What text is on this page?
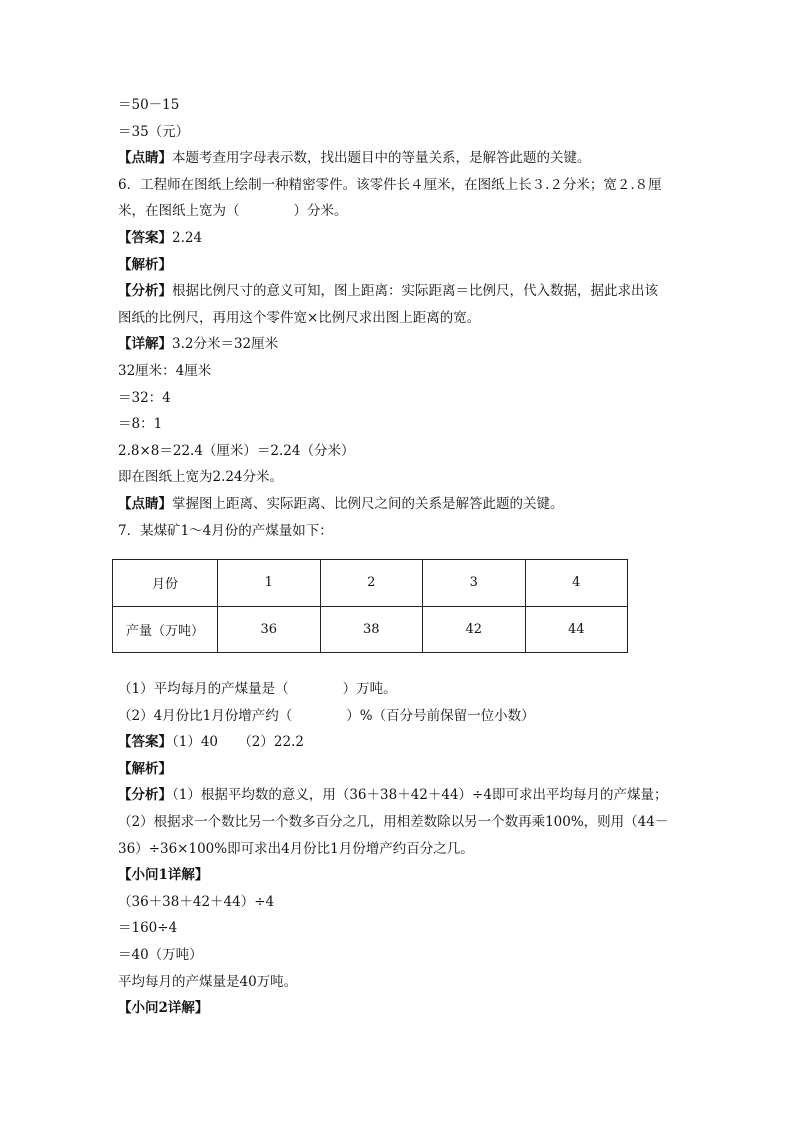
＝50－15
＝35（元）
【点睛】本题考查用字母表示数，找出题目中的等量关系，是解答此题的关键。
6．工程师在图纸上绘制一种精密零件。该零件长４厘米，在图纸上长３.２分米；宽２.８厘
米，在图纸上宽为（　　　　）分米。
【答案】2.24
【解析】
【分析】根据比例尺寸的意义可知，图上距离：实际距离＝比例尺，代入数据，据此求出该
图纸的比例尺，再用这个零件宽×比例尺求出图上距离的宽。
【详解】3.2分米＝32厘米
32厘米：4厘米
＝32：4
＝8：1
2.8×8＝22.4（厘米）＝2.24（分米）
即在图纸上宽为2.24分米。
【点睛】掌握图上距离、实际距离、比例尺之间的关系是解答此题的关键。
7．某煤矿1～4月份的产煤量如下：
月份	1	2	3	4
产量（万吨）	36	38	42	44
（1）平均每月的产煤量是（　　　　）万吨。
（2）4月份比1月份增产约（　　　　）%（百分号前保留一位小数）
【答案】（1）40　　（2）22.2
【解析】
【分析】（1）根据平均数的意义，用（36＋38＋42＋44）÷4即可求出平均每月的产煤量；
（2）根据求一个数比另一个数多百分之几，用相差数除以另一个数再乘100%，则用（44－
36）÷36×100%即可求出4月份比1月份增产约百分之几。
【小问1详解】
（36＋38＋42＋44）÷4
＝160÷4
＝40（万吨）
平均每月的产煤量是40万吨。
【小问2详解】
